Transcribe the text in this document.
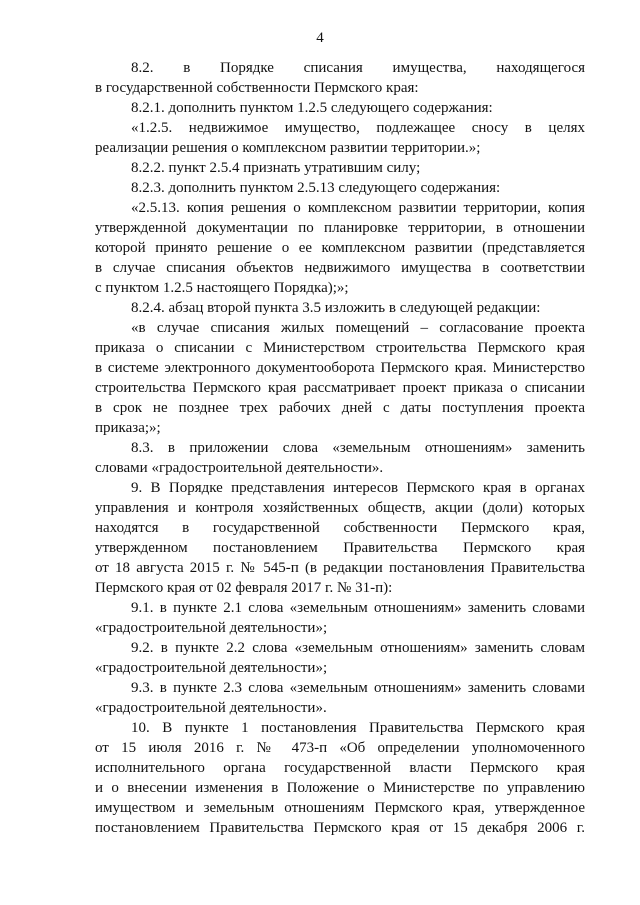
4
8.2. в Порядке списания имущества, находящегося
в государственной собственности Пермского края:
8.2.1. дополнить пунктом 1.2.5 следующего содержания:
«1.2.5. недвижимое имущество, подлежащее сносу в целях
реализации решения о комплексном развитии территории.»;
8.2.2. пункт 2.5.4 признать утратившим силу;
8.2.3. дополнить пунктом 2.5.13 следующего содержания:
«2.5.13. копия решения о комплексном развитии территории, копия
утвержденной документации по планировке территории, в отношении
которой принято решение о ее комплексном развитии (представляется
в случае списания объектов недвижимого имущества в соответствии
с пунктом 1.2.5 настоящего Порядка);»;
8.2.4. абзац второй пункта 3.5 изложить в следующей редакции:
«в случае списания жилых помещений – согласование проекта
приказа о списании с Министерством строительства Пермского края
в системе электронного документооборота Пермского края. Министерство
строительства Пермского края рассматривает проект приказа о списании
в срок не позднее трех рабочих дней с даты поступления проекта
приказа;»;
8.3. в приложении слова «земельным отношениям» заменить
словами «градостроительной деятельности».
9. В Порядке представления интересов Пермского края в органах
управления и контроля хозяйственных обществ, акции (доли) которых
находятся в государственной собственности Пермского края,
утвержденном постановлением Правительства Пермского края
от 18 августа 2015 г. № 545-п (в редакции постановления Правительства
Пермского края от 02 февраля 2017 г. № 31-п):
9.1. в пункте 2.1 слова «земельным отношениям» заменить словами
«градостроительной деятельности»;
9.2. в пункте 2.2 слова «земельным отношениям» заменить словам
«градостроительной деятельности»;
9.3. в пункте 2.3 слова «земельным отношениям» заменить словами
«градостроительной деятельности».
10. В пункте 1 постановления Правительства Пермского края
от 15 июля 2016 г. № 473-п «Об определении уполномоченного
исполнительного органа государственной власти Пермского края
и о внесении изменения в Положение о Министерстве по управлению
имуществом и земельным отношениям Пермского края, утвержденное
постановлением Правительства Пермского края от 15 декабря 2006 г.
